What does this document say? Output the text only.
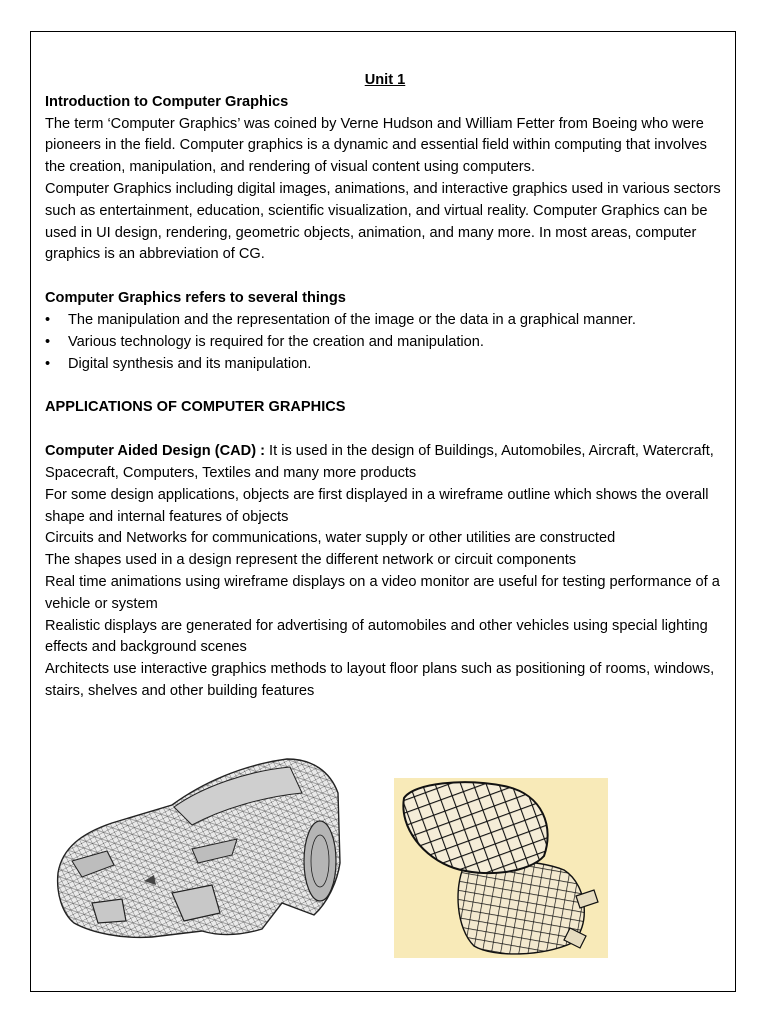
Unit 1

Introduction to Computer Graphics

The term ‘Computer Graphics’ was coined by Verne Hudson and William Fetter from Boeing who were pioneers in the field. Computer graphics is a dynamic and essential field within computing that involves the creation, manipulation, and rendering of visual content using computers.

Computer Graphics including digital images, animations, and interactive graphics used in various sectors such as entertainment, education, scientific visualization, and virtual reality. Computer Graphics can be used in UI design, rendering, geometric objects, animation, and many more. In most areas, computer graphics is an abbreviation of CG.

Computer Graphics refers to several things

• The manipulation and the representation of the image or the data in a graphical manner.
• Various technology is required for the creation and manipulation.
• Digital synthesis and its manipulation.

APPLICATIONS OF COMPUTER GRAPHICS

Computer Aided Design (CAD) : It is used in the design of Buildings, Automobiles, Aircraft, Watercraft, Spacecraft, Computers, Textiles and many more products

For some design applications, objects are first displayed in a wireframe outline which shows the overall shape and internal features of objects

Circuits and Networks for communications, water supply or other utilities are constructed

The shapes used in a design represent the different network or circuit components

Real time animations using wireframe displays on a video monitor are useful for testing performance of a vehicle or system

Realistic displays are generated for advertising of automobiles and other vehicles using special lighting effects and background scenes

Architects use interactive graphics methods to layout floor plans such as positioning of rooms, windows, stairs, shelves and other building features
